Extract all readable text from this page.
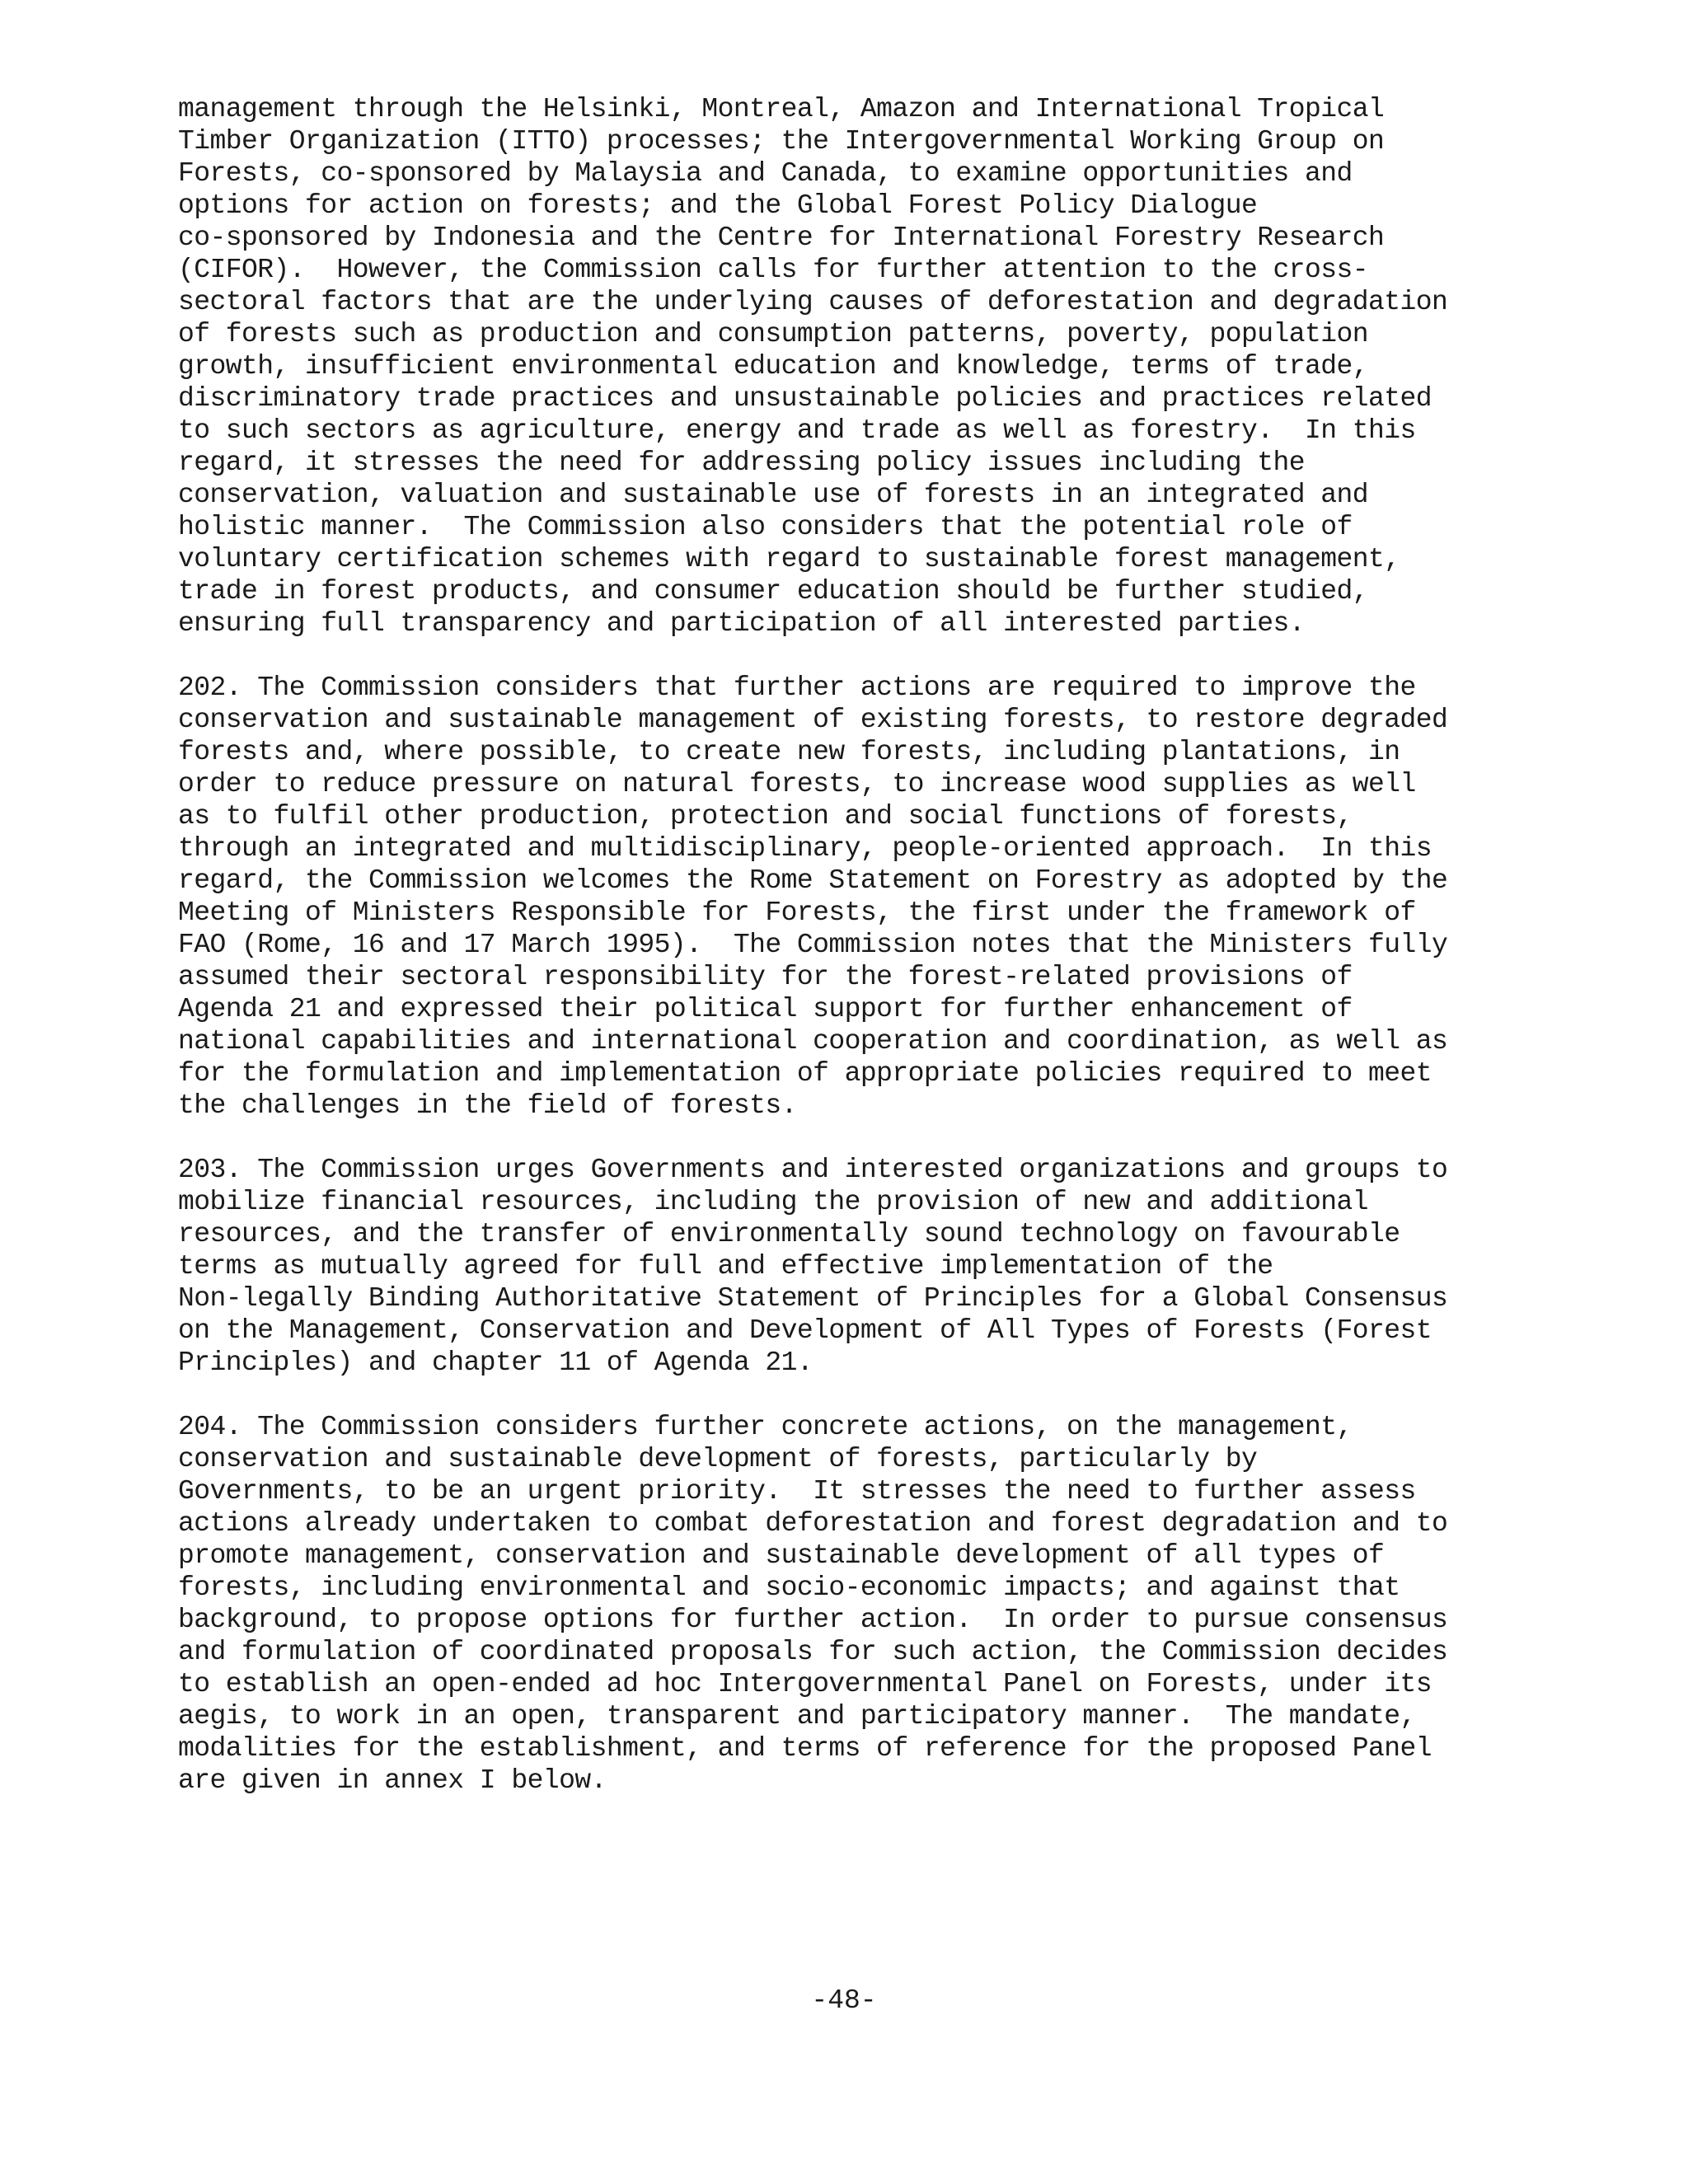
management through the Helsinki, Montreal, Amazon and International Tropical
Timber Organization (ITTO) processes; the Intergovernmental Working Group on
Forests, co-sponsored by Malaysia and Canada, to examine opportunities and
options for action on forests; and the Global Forest Policy Dialogue
co-sponsored by Indonesia and the Centre for International Forestry Research
(CIFOR).  However, the Commission calls for further attention to the cross-
sectoral factors that are the underlying causes of deforestation and degradation
of forests such as production and consumption patterns, poverty, population
growth, insufficient environmental education and knowledge, terms of trade,
discriminatory trade practices and unsustainable policies and practices related
to such sectors as agriculture, energy and trade as well as forestry.  In this
regard, it stresses the need for addressing policy issues including the
conservation, valuation and sustainable use of forests in an integrated and
holistic manner.  The Commission also considers that the potential role of
voluntary certification schemes with regard to sustainable forest management,
trade in forest products, and consumer education should be further studied,
ensuring full transparency and participation of all interested parties.
202. The Commission considers that further actions are required to improve the
conservation and sustainable management of existing forests, to restore degraded
forests and, where possible, to create new forests, including plantations, in
order to reduce pressure on natural forests, to increase wood supplies as well
as to fulfil other production, protection and social functions of forests,
through an integrated and multidisciplinary, people-oriented approach.  In this
regard, the Commission welcomes the Rome Statement on Forestry as adopted by the
Meeting of Ministers Responsible for Forests, the first under the framework of
FAO (Rome, 16 and 17 March 1995).  The Commission notes that the Ministers fully
assumed their sectoral responsibility for the forest-related provisions of
Agenda 21 and expressed their political support for further enhancement of
national capabilities and international cooperation and coordination, as well as
for the formulation and implementation of appropriate policies required to meet
the challenges in the field of forests.
203. The Commission urges Governments and interested organizations and groups to
mobilize financial resources, including the provision of new and additional
resources, and the transfer of environmentally sound technology on favourable
terms as mutually agreed for full and effective implementation of the
Non-legally Binding Authoritative Statement of Principles for a Global Consensus
on the Management, Conservation and Development of All Types of Forests (Forest
Principles) and chapter 11 of Agenda 21.
204. The Commission considers further concrete actions, on the management,
conservation and sustainable development of forests, particularly by
Governments, to be an urgent priority.  It stresses the need to further assess
actions already undertaken to combat deforestation and forest degradation and to
promote management, conservation and sustainable development of all types of
forests, including environmental and socio-economic impacts; and against that
background, to propose options for further action.  In order to pursue consensus
and formulation of coordinated proposals for such action, the Commission decides
to establish an open-ended ad hoc Intergovernmental Panel on Forests, under its
aegis, to work in an open, transparent and participatory manner.  The mandate,
modalities for the establishment, and terms of reference for the proposed Panel
are given in annex I below.
-48-
